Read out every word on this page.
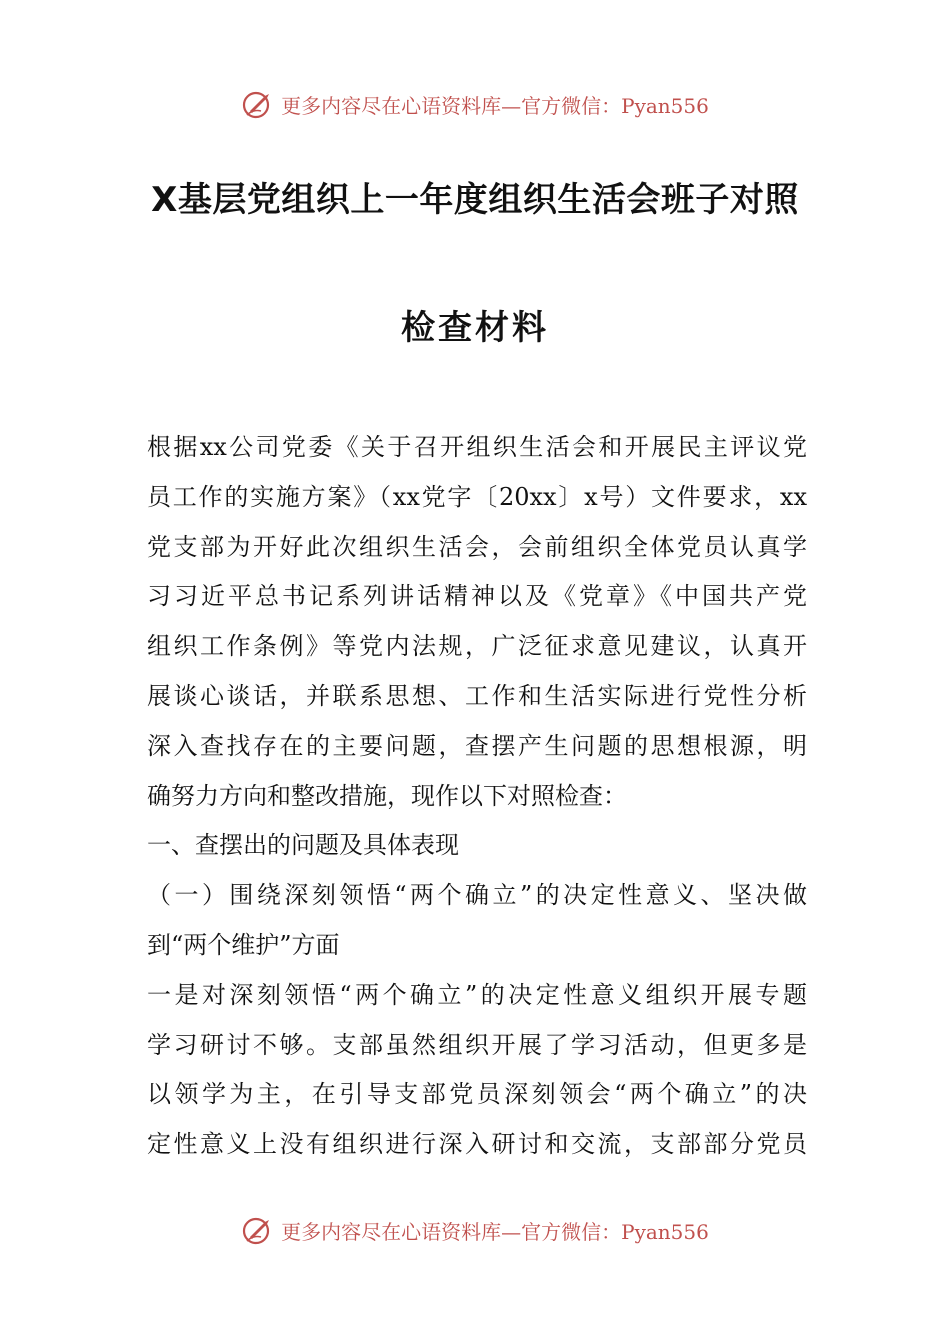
更多内容尽在心语资料库—官方微信：Pyan556
X基层党组织上一年度组织生活会班子对照
检查材料
根据xx公司党委《关于召开组织生活会和开展民主评议党
员工作的实施方案》（xx党字〔20xx〕x号）文件要求，xx
党支部为开好此次组织生活会，会前组织全体党员认真学
习习近平总书记系列讲话精神以及《党章》《中国共产党
组织工作条例》等党内法规，广泛征求意见建议，认真开
展谈心谈话，并联系思想、工作和生活实际进行党性分析
深入查找存在的主要问题，查摆产生问题的思想根源，明
确努力方向和整改措施，现作以下对照检查：
一、查摆出的问题及具体表现
（一）围绕深刻领悟“两个确立”的决定性意义、坚决做
到“两个维护”方面
一是对深刻领悟“两个确立”的决定性意义组织开展专题
学习研讨不够。支部虽然组织开展了学习活动，但更多是
以领学为主，在引导支部党员深刻领会“两个确立”的决
定性意义上没有组织进行深入研讨和交流，支部部分党员
更多内容尽在心语资料库—官方微信：Pyan556
